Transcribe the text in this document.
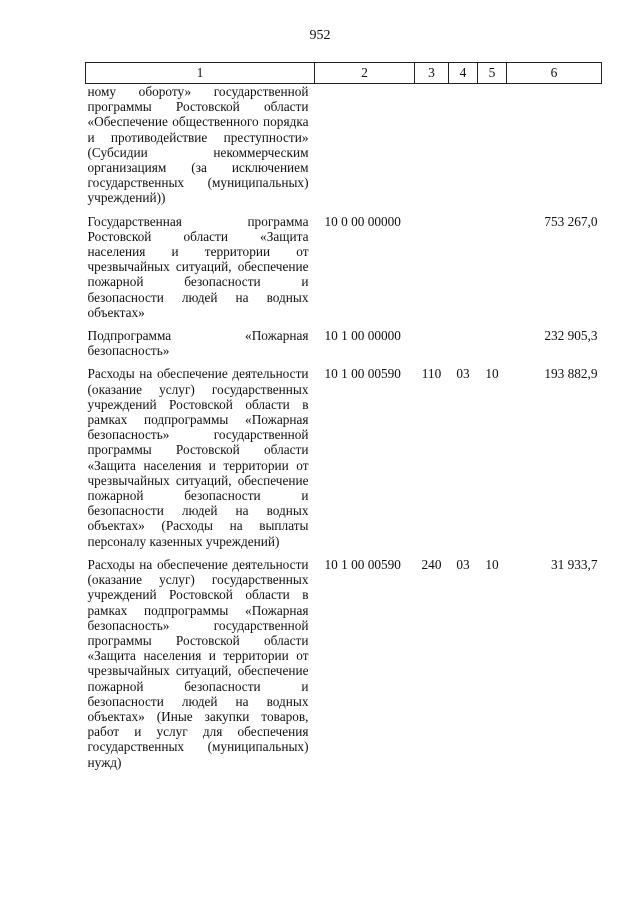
952
1	2	3	4	5	6
ному обороту» государственной программы Ростовской области «Обеспечение общественного порядка и противодействие преступности» (Субсидии некоммерческим организациям (за исключением государственных (муниципальных) учреждений))					
Государственная программа Ростовской области «Защита населения и территории от чрезвычайных ситуаций, обеспечение пожарной безопасности и безопасности людей на водных объектах»	10 0 00 00000				753 267,0
Подпрограмма «Пожарная безопасность»	10 1 00 00000				232 905,3
Расходы на обеспечение деятельности (оказание услуг) государственных учреждений Ростовской области в рамках подпрограммы «Пожарная безопасность» государственной программы Ростовской области «Защита населения и территории от чрезвычайных ситуаций, обеспечение пожарной безопасности и безопасности людей на водных объектах» (Расходы на выплаты персоналу казенных учреждений)	10 1 00 00590	110	03	10	193 882,9
Расходы на обеспечение деятельности (оказание услуг) государственных учреждений Ростовской области в рамках подпрограммы «Пожарная безопасность» государственной программы Ростовской области «Защита населения и территории от чрезвычайных ситуаций, обеспечение пожарной безопасности и безопасности людей на водных объектах» (Иные закупки товаров, работ и услуг для обеспечения государственных (муниципальных) нужд)	10 1 00 00590	240	03	10	31 933,7
